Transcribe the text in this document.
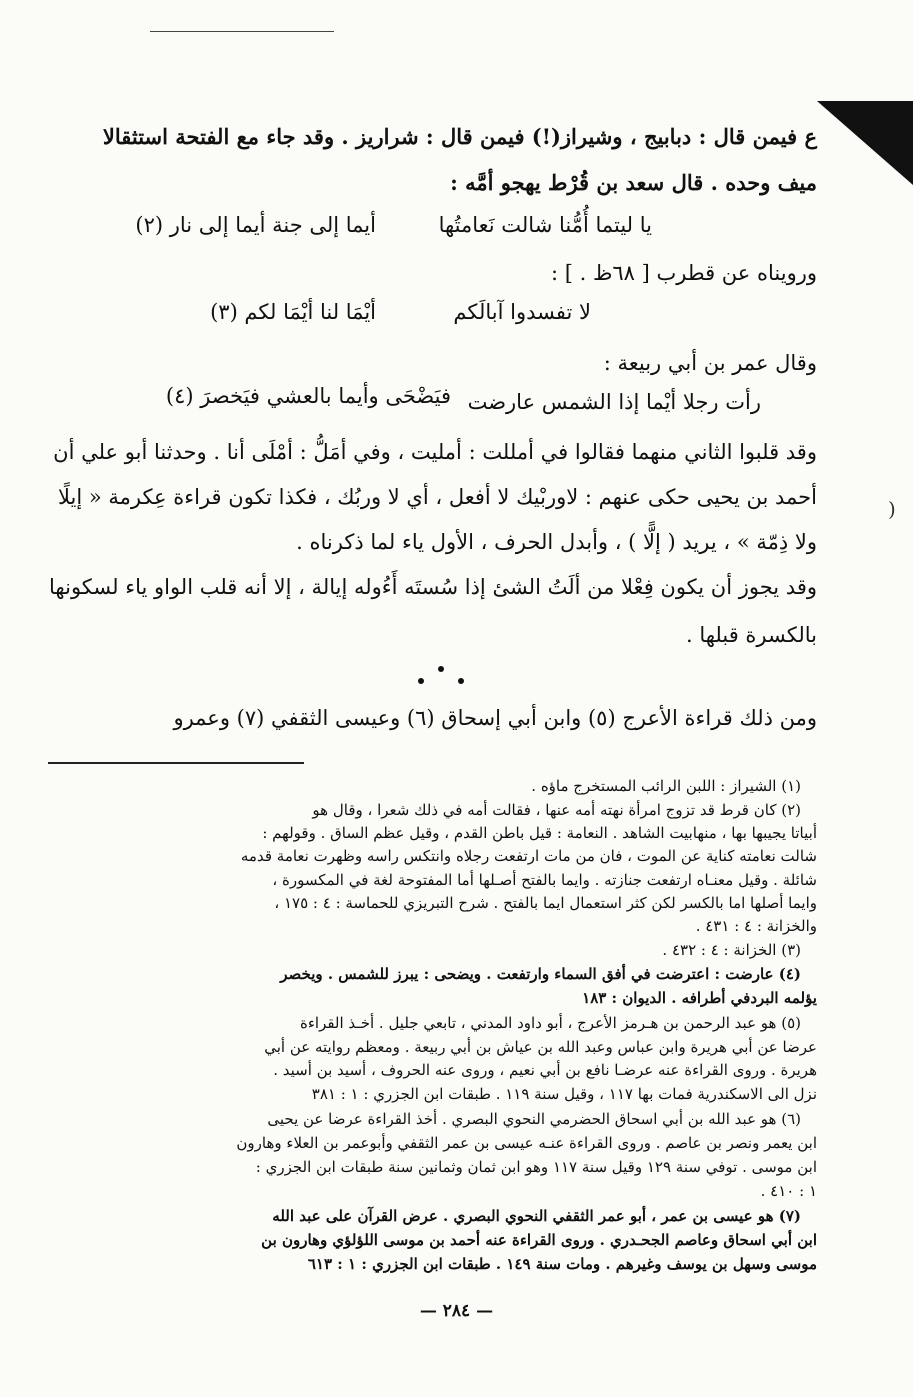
(
ع فيمن قال : دبابيج ، وشيراز(!) فيمن قال : شراريز . وقد جاء مع الفتحة استثقالا
ميف وحده . قال سعد بن قُرْط يهجو أمَّه :
يا ليتما أُمُّنا شالت نَعامتُها
أيما إلى جنة أيما إلى نار (٢)
ورويناه عن قطرب [ ٦٨ظ . ] :
لا تفسدوا آبالَكم
أيْمَا لنا أيْمَا لكم (٣)
وقال عمر بن أبي ربيعة :
رأت رجلا أيْما إذا الشمس عارضت
فيَضْحَى وأيما بالعشي فيَخصرَ (٤)
وقد قلبوا الثاني منهما فقالوا في أمللت : أمليت ، وفي أمَلُّ : أمْلَى أنا . وحدثنا أبو علي أن
أحمد بن يحيى حكى عنهم : لاوربْيك لا أفعل ، أي لا وربُك ، فكذا تكون قراءة عِكرمة « إيلًا
ولا ذِمّة » ، يريد ( إلًّا ) ، وأبدل الحرف ، الأول ياء لما ذكرناه .
وقد يجوز أن يكون فِعْلا من ألَتُ الشئ إذا سُستَه أَءُوله إيالة ، إلا أنه قلب الواو ياء لسكونها
بالكسرة قبلها .
ومن ذلك قراءة الأعرج (٥) وابن أبي إسحاق (٦) وعيسى الثقفي (٧) وعمرو
(١) الشيراز : اللبن الرائب المستخرج ماؤه .
(٢) كان قرط قد تزوج امرأة نهته أمه عنها ، فقالت أمه في ذلك شعرا ، وقال هو
أبياتا يجيبها بها ، منهابيت الشاهد . النعامة : قيل باطن القدم ، وقيل عظم الساق . وقولهم :
شالت نعامته كناية عن الموت ، فان من مات ارتفعت رجلاه وانتكس راسه وظهرت نعامة قدمه
شائلة . وقيل معنـاه ارتفعت جنازته . وايما بالفتح أصـلها أما المفتوحة لغة في المكسورة ،
وايما أصلها اما بالكسر لكن كثر استعمال ايما بالفتح . شرح التبريزي للحماسة : ٤ : ١٧٥ ،
والخزانة : ٤ : ٤٣١ .
(٣) الخزانة : ٤ : ٤٣٢ .
(٤) عارضت : اعترضت في أفق السماء وارتفعت . ويضحى : يبرز للشمس . ويخصر
يؤلمه البردفي أطرافه . الديوان : ١٨٣
(٥) هو عبد الرحمن بن هـرمز الأعرج ، أبو داود المدني ، تابعي جليل . أخـذ القراءة
عرضا عن أبي هريرة وابن عباس وعبد الله بن عياش بن أبي ربيعة . ومعظم روايته عن أبي
هريرة . وروى القراءة عنه عرضـا نافع بن أبي نعيم ، وروى عنه الحروف ، أسيد بن أسيد .
نزل الى الاسكندرية فمات بها ١١٧ ، وقيل سنة ١١٩ . طبقات ابن الجزري : ١ : ٣٨١
(٦) هو عبد الله بن أبي اسحاق الحضرمي النحوي البصري . أخذ القراءة عرضا عن يحيى
ابن يعمر ونصر بن عاصم . وروى القراءة عنـه عيسى بن عمر الثقفي وأبوعمر بن العلاء وهارون
ابن موسى . توفي سنة ١٢٩ وقيل سنة ١١٧ وهو ابن ثمان وثمانين سنة طبقات ابن الجزري :
١ : ٤١٠ .
(٧) هو عيسى بن عمر ، أبو عمر الثقفي النحوي البصري . عرض القرآن على عبد الله
ابن أبي اسحاق وعاصم الجحـدري . وروى القراءة عنه أحمد بن موسى اللؤلؤي وهارون بن
موسى وسهل بن يوسف وغيرهم . ومات سنة ١٤٩ . طبقات ابن الجزري : ١ : ٦١٣
— ٢٨٤ —
